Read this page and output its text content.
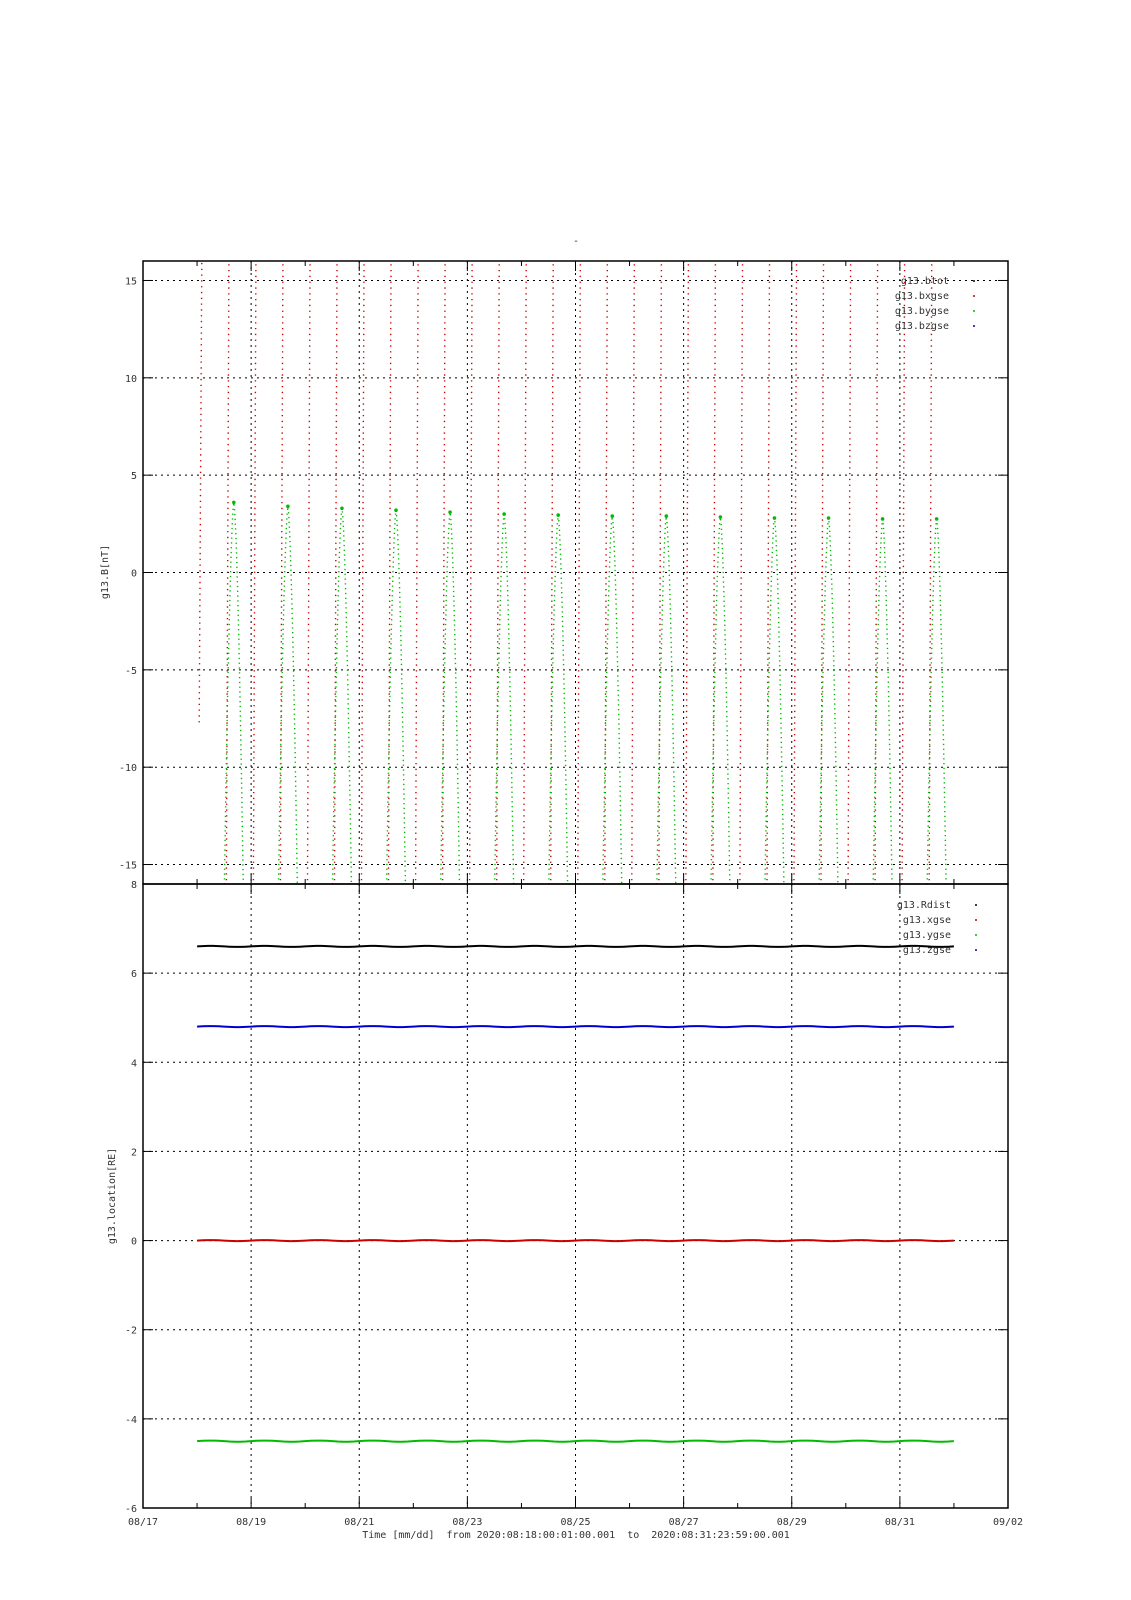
-
-15
-10
-5
0
5
10
15
g13.B[nT]
g13.btot
g13.bxgse
g13.bygse
g13.bzgse
-6
-4
-2
0
2
4
6
8
g13.location[RE]
g13.Rdist
g13.xgse
g13.ygse
g13.zgse
08/17	08/19	08/21	08/23	08/25	08/27	08/29	08/31	09/02
Time [mm/dd] from 2020:08:18:00:01:00.001 to 2020:08:31:23:59:00.001
